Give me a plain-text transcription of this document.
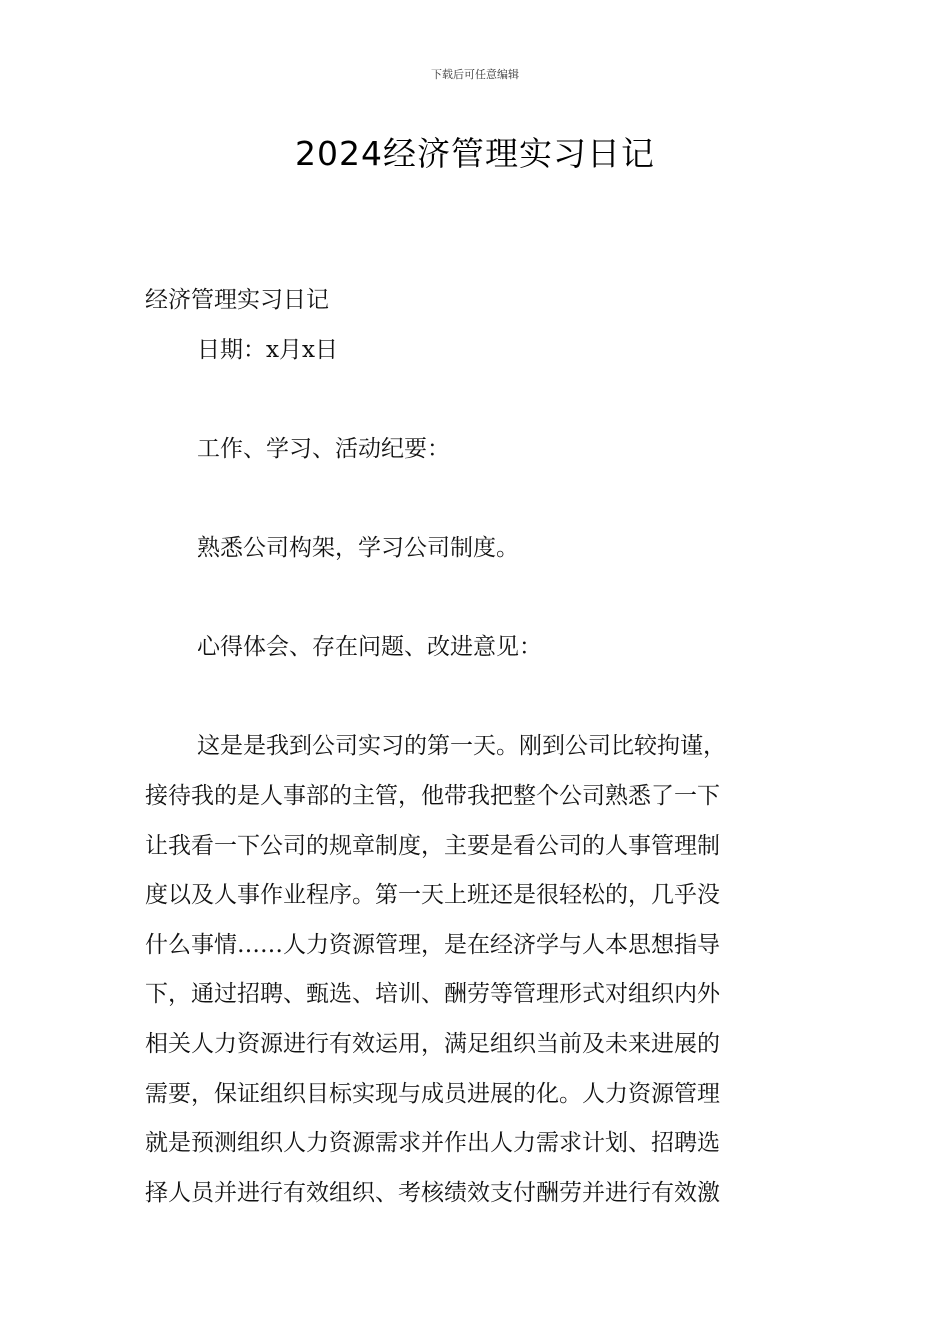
下载后可任意编辑
2024经济管理实习日记

经济管理实习日记

日期：x月x日

工作、学习、活动纪要：

熟悉公司构架，学习公司制度。

心得体会、存在问题、改进意见：

这是是我到公司实习的第一天。刚到公司比较拘谨，

接待我的是人事部的主管，他带我把整个公司熟悉了一下

让我看一下公司的规章制度，主要是看公司的人事管理制

度以及人事作业程序。第一天上班还是很轻松的，几乎没

什么事情……人力资源管理，是在经济学与人本思想指导

下，通过招聘、甄选、培训、酬劳等管理形式对组织内外

相关人力资源进行有效运用，满足组织当前及未来进展的

需要，保证组织目标实现与成员进展的化。人力资源管理

就是预测组织人力资源需求并作出人力需求计划、招聘选

择人员并进行有效组织、考核绩效支付酬劳并进行有效激
